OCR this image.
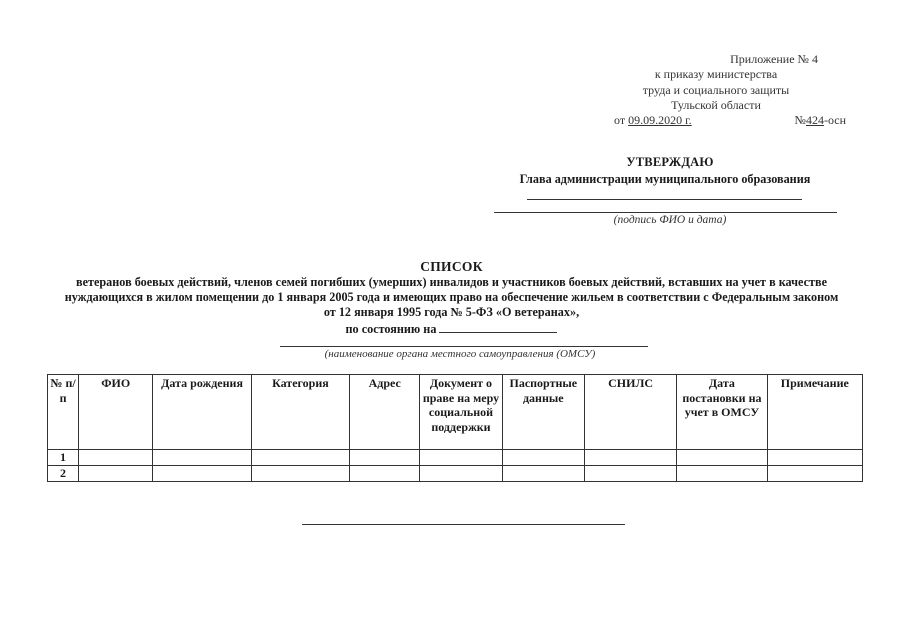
Приложение № 4
к приказу министерства
труда и социального защиты
Тульской области
от 09.09.2020 г.	№424-осн
УТВЕРЖДАЮ
Глава администрации муниципального образования
(подпись ФИО и дата)
СПИСОК
ветеранов боевых действий, членов семей погибших (умерших) инвалидов и участников боевых действий, вставших на учет в качестве нуждающихся в жилом помещении до 1 января 2005 года и имеющих право на обеспечение жильем в соответствии с Федеральным законом от 12 января 1995 года № 5-ФЗ «О ветеранах»,
по состоянию на
(наименование органа местного самоуправления (ОМСУ)
№ п/п	ФИО	Дата рождения	Категория	Адрес	Документ о праве на меру социальной поддержки	Паспортные данные	СНИЛС	Дата постановки на учет в ОМСУ	Примечание
1									
2									
